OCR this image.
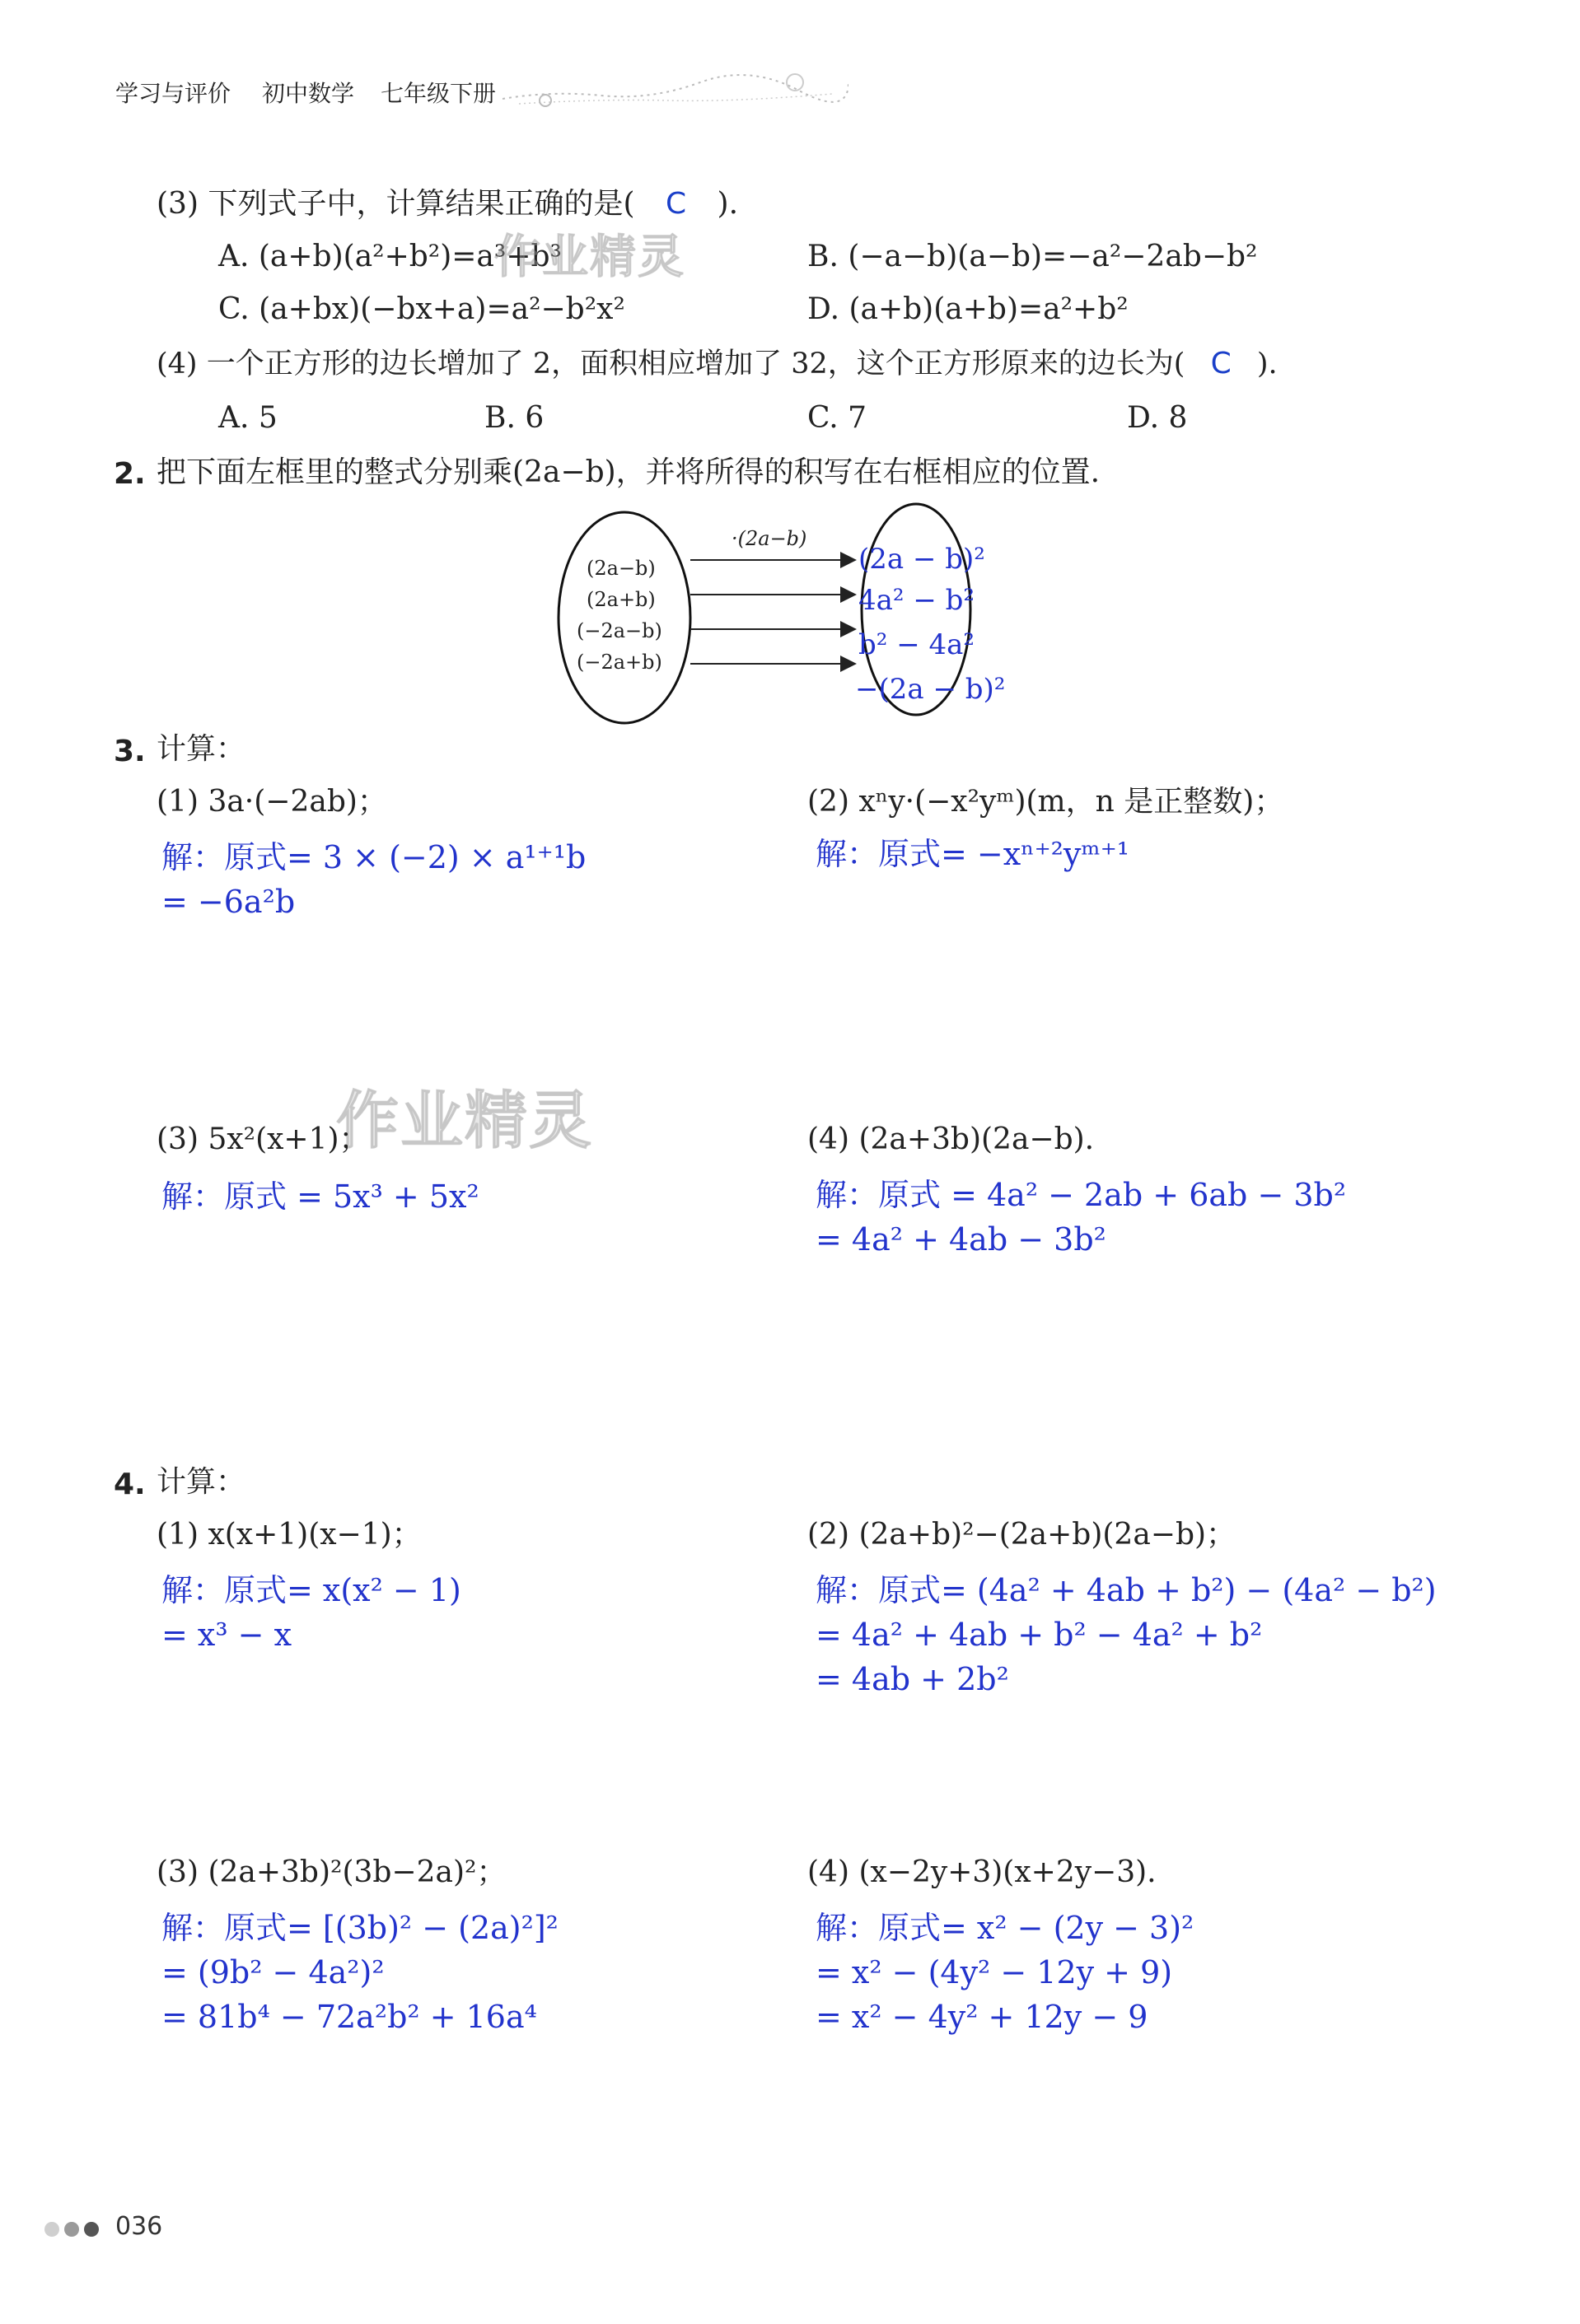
学习与评价 初中数学 七年级下册
(3) 下列式子中，计算结果正确的是( C ).
A. (a+b)(a²+b²)=a³+b³	B. (−a−b)(a−b)=−a²−2ab−b²
C. (a+bx)(−bx+a)=a²−b²x²	D. (a+b)(a+b)=a²+b²
作业精灵
(4) 一个正方形的边长增加了 2，面积相应增加了 32，这个正方形原来的边长为( C ).
A. 5	B. 6	C. 7	D. 8
2. 把下面左框里的整式分别乘(2a−b)，并将所得的积写在右框相应的位置.
·(2a−b)
(2a−b)
(2a+b)
(−2a−b)
(−2a+b)
(2a − b)²
4a² − b²
b² − 4a²
−(2a − b)²
3. 计算：
(1) 3a·(−2ab)；
解：原式= 3 × (−2) × a¹⁺¹b
= −6a²b
(2) xⁿy·(−x²yᵐ)(m，n 是正整数)；
解：原式= −xⁿ⁺²yᵐ⁺¹
作业精灵
(3) 5x²(x+1)；
解：原式 = 5x³ + 5x²
(4) (2a+3b)(2a−b).
解：原式 = 4a² − 2ab + 6ab − 3b²
= 4a² + 4ab − 3b²
4. 计算：
(1) x(x+1)(x−1)；
解：原式= x(x² − 1)
= x³ − x
(2) (2a+b)²−(2a+b)(2a−b)；
解：原式= (4a² + 4ab + b²) − (4a² − b²)
= 4a² + 4ab + b² − 4a² + b²
= 4ab + 2b²
(3) (2a+3b)²(3b−2a)²；
解：原式= [(3b)² − (2a)²]²
= (9b² − 4a²)²
= 81b⁴ − 72a²b² + 16a⁴
(4) (x−2y+3)(x+2y−3).
解：原式= x² − (2y − 3)²
= x² − (4y² − 12y + 9)
= x² − 4y² + 12y − 9
036
